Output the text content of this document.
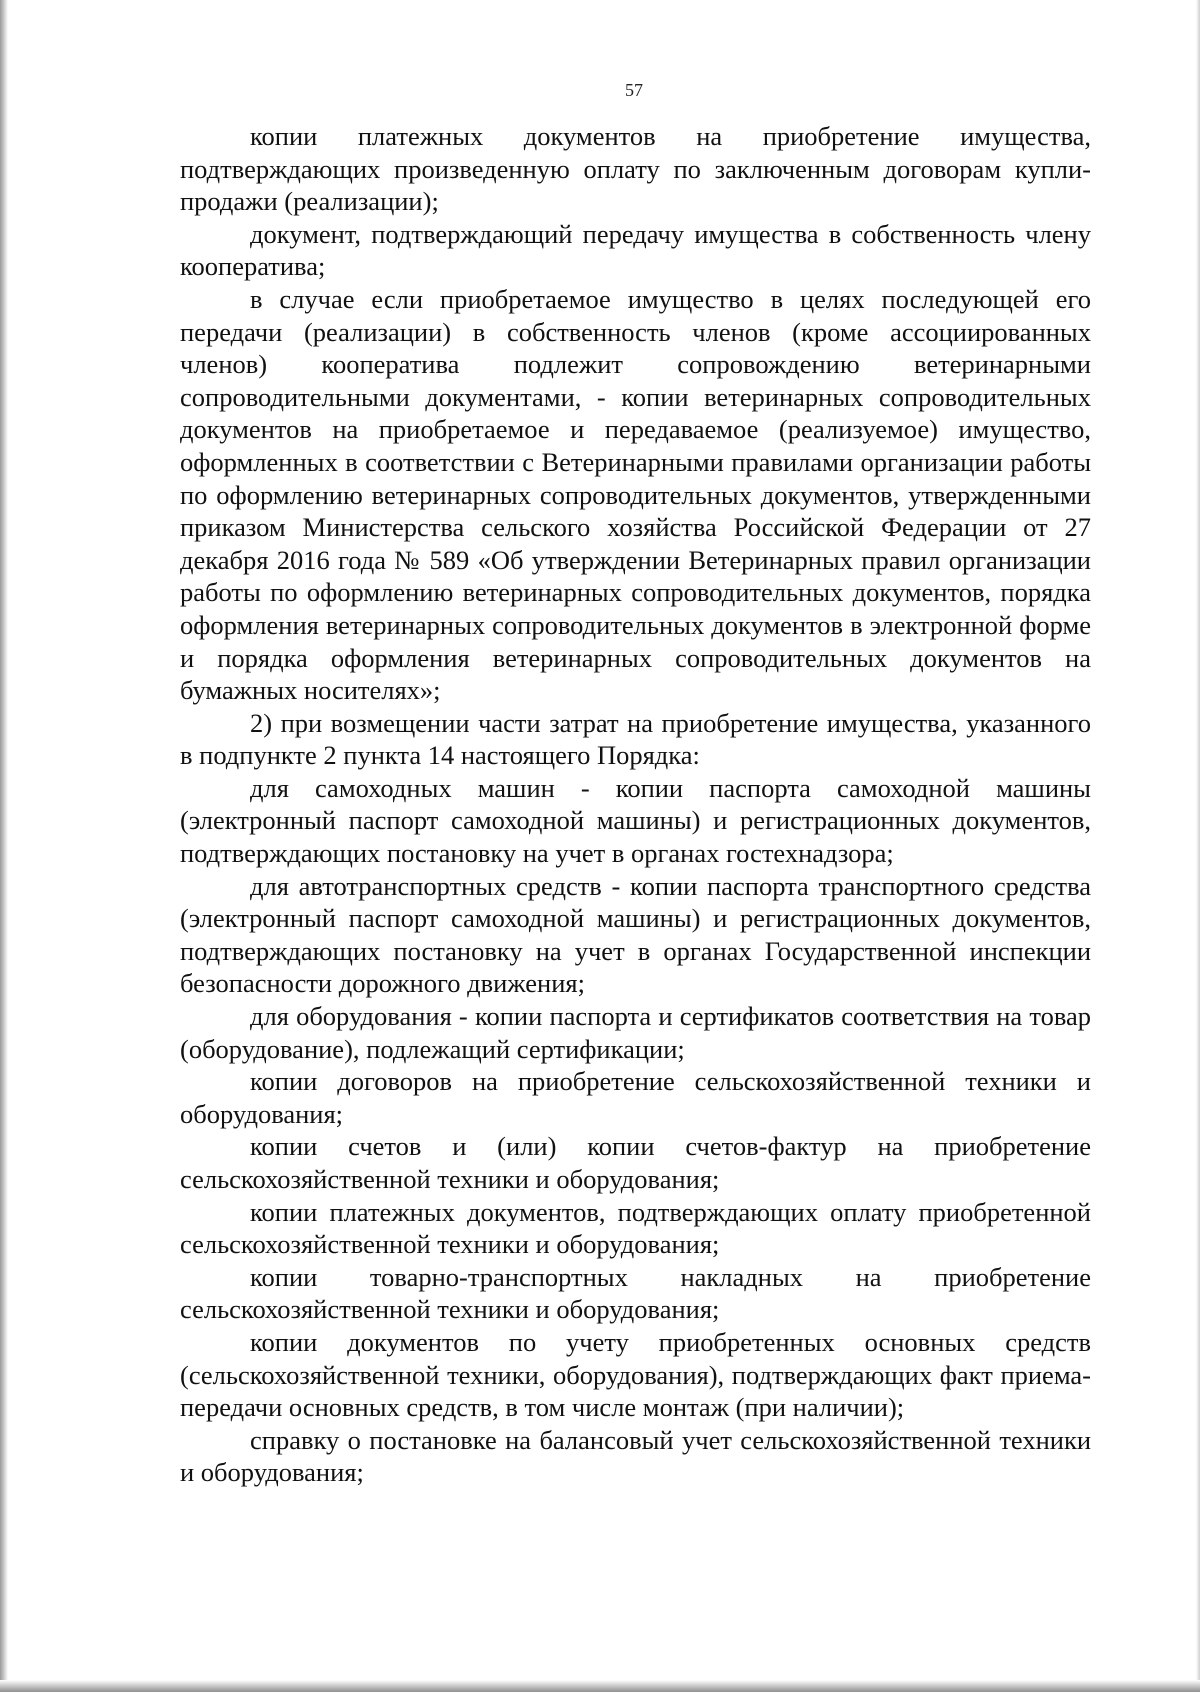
57

копии платежных документов на приобретение имущества, подтверждающих произведенную оплату по заключенным договорам купли-продажи (реализации);

документ, подтверждающий передачу имущества в собственность члену кооператива;

в случае если приобретаемое имущество в целях последующей его передачи (реализации) в собственность членов (кроме ассоциированных членов) кооператива подлежит сопровождению ветеринарными сопроводительными документами, - копии ветеринарных сопроводительных документов на приобретаемое и передаваемое (реализуемое) имущество, оформленных в соответствии с Ветеринарными правилами организации работы по оформлению ветеринарных сопроводительных документов, утвержденными приказом Министерства сельского хозяйства Российской Федерации от 27 декабря 2016 года № 589 «Об утверждении Ветеринарных правил организации работы по оформлению ветеринарных сопроводительных документов, порядка оформления ветеринарных сопроводительных документов в электронной форме и порядка оформления ветеринарных сопроводительных документов на бумажных носителях»;

2) при возмещении части затрат на приобретение имущества, указанного в подпункте 2 пункта 14 настоящего Порядка:

для самоходных машин - копии паспорта самоходной машины (электронный паспорт самоходной машины) и регистрационных документов, подтверждающих постановку на учет в органах гостехнадзора;

для автотранспортных средств - копии паспорта транспортного средства (электронный паспорт самоходной машины) и регистрационных документов, подтверждающих постановку на учет в органах Государственной инспекции безопасности дорожного движения;

для оборудования - копии паспорта и сертификатов соответствия на товар (оборудование), подлежащий сертификации;

копии договоров на приобретение сельскохозяйственной техники и оборудования;

копии счетов и (или) копии счетов-фактур на приобретение сельскохозяйственной техники и оборудования;

копии платежных документов, подтверждающих оплату приобретенной сельскохозяйственной техники и оборудования;

копии товарно-транспортных накладных на приобретение сельскохозяйственной техники и оборудования;

копии документов по учету приобретенных основных средств (сельскохозяйственной техники, оборудования), подтверждающих факт приема-передачи основных средств, в том числе монтаж (при наличии);

справку о постановке на балансовый учет сельскохозяйственной техники и оборудования;
